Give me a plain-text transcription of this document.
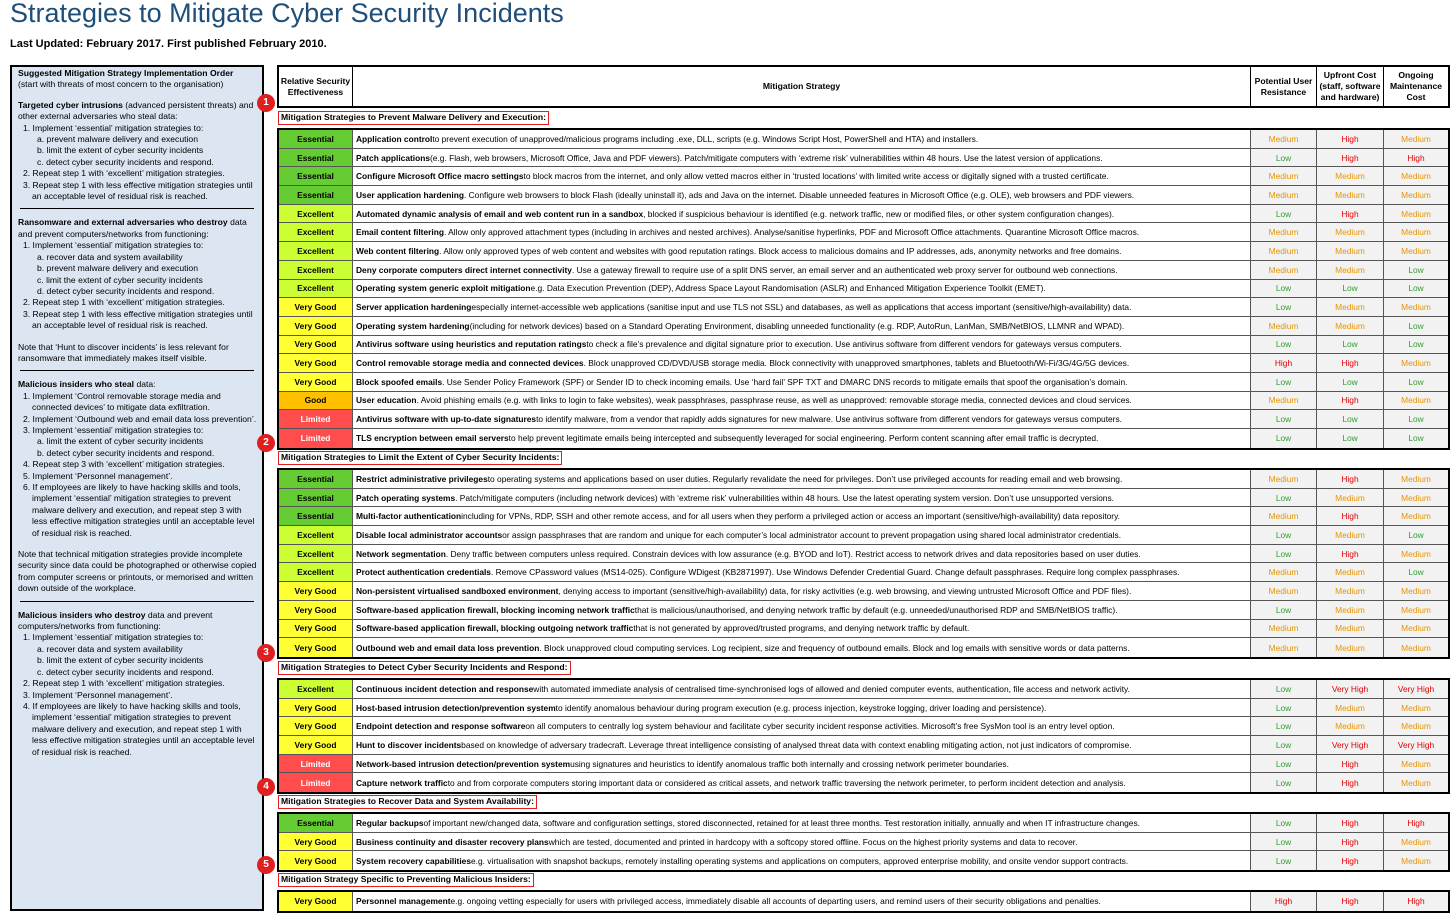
Strategies to Mitigate Cyber Security Incidents
Last Updated: February 2017. First published February 2010.

Suggested Mitigation Strategy Implementation Order

(start with threats of most concern to the organisation)

Targeted cyber intrusions (advanced persistent threats) and other external adversaries who steal data:

1. Implement ‘essential’ mitigation strategies to:

a. prevent malware delivery and execution

b. limit the extent of cyber security incidents

c. detect cyber security incidents and respond.

2. Repeat step 1 with ‘excellent’ mitigation strategies.

3. Repeat step 1 with less effective mitigation strategies until an acceptable level of residual risk is reached.

Ransomware and external adversaries who destroy data and prevent computers/networks from functioning:

1. Implement ‘essential’ mitigation strategies to:

a. recover data and system availability

b. prevent malware delivery and execution

c. limit the extent of cyber security incidents

d. detect cyber security incidents and respond.

2. Repeat step 1 with ‘excellent’ mitigation strategies.

3. Repeat step 1 with less effective mitigation strategies until an acceptable level of residual risk is reached.

Note that ‘Hunt to discover incidents’ is less relevant for ransomware that immediately makes itself visible.

Malicious insiders who steal data:

1. Implement ‘Control removable storage media and connected devices’ to mitigate data exfiltration.

2. Implement ‘Outbound web and email data loss prevention’.

3. Implement ‘essential’ mitigation strategies to:

a. limit the extent of cyber security incidents

b. detect cyber security incidents and respond.

4. Repeat step 3 with ‘excellent’ mitigation strategies.

5. Implement ‘Personnel management’.

6. If employees are likely to have hacking skills and tools, implement ‘essential’ mitigation strategies to prevent malware delivery and execution, and repeat step 3 with less effective mitigation strategies until an acceptable level of residual risk is reached.

Note that technical mitigation strategies provide incomplete security since data could be photographed or otherwise copied from computer screens or printouts, or memorised and written down outside of the workplace.

Malicious insiders who destroy data and prevent computers/networks from functioning:

1. Implement ‘essential’ mitigation strategies to:

a. recover data and system availability

b. limit the extent of cyber security incidents

c. detect cyber security incidents and respond.

2. Repeat step 1 with ‘excellent’ mitigation strategies.

3. Implement ‘Personnel management’.

4. If employees are likely to have hacking skills and tools, implement ‘essential’ mitigation strategies to prevent malware delivery and execution, and repeat step 1 with less effective mitigation strategies until an acceptable level of residual risk is reached.

Relative Security Effectiveness
Mitigation Strategy
Potential User Resistance
Upfront Cost (staff, software and hardware)
Ongoing Maintenance Cost
1
Mitigation Strategies to Prevent Malware Delivery and Execution:
Essential	Application control to prevent execution of unapproved/malicious programs including .exe, DLL, scripts (e.g. Windows Script Host, PowerShell and HTA) and installers.	Medium	High	Medium
Essential	Patch applications (e.g. Flash, web browsers, Microsoft Office, Java and PDF viewers). Patch/mitigate computers with ‘extreme risk’ vulnerabilities within 48 hours. Use the latest version of applications.	Low	High	High
Essential	Configure Microsoft Office macro settings to block macros from the internet, and only allow vetted macros either in ‘trusted locations’ with limited write access or digitally signed with a trusted certificate.	Medium	Medium	Medium
Essential	User application hardening . Configure web browsers to block Flash (ideally uninstall it), ads and Java on the internet. Disable unneeded features in Microsoft Office (e.g. OLE), web browsers and PDF viewers.	Medium	Medium	Medium
Excellent	Automated dynamic analysis of email and web content run in a sandbox , blocked if suspicious behaviour is identified (e.g. network traffic, new or modified files, or other system configuration changes).	Low	High	Medium
Excellent	Email content filtering . Allow only approved attachment types (including in archives and nested archives). Analyse/sanitise hyperlinks, PDF and Microsoft Office attachments. Quarantine Microsoft Office macros.	Medium	Medium	Medium
Excellent	Web content filtering . Allow only approved types of web content and websites with good reputation ratings. Block access to malicious domains and IP addresses, ads, anonymity networks and free domains.	Medium	Medium	Medium
Excellent	Deny corporate computers direct internet connectivity . Use a gateway firewall to require use of a split DNS server, an email server and an authenticated web proxy server for outbound web connections.	Medium	Medium	Low
Excellent	Operating system generic exploit mitigation e.g. Data Execution Prevention (DEP), Address Space Layout Randomisation (ASLR) and Enhanced Mitigation Experience Toolkit (EMET).	Low	Low	Low
Very Good	Server application hardening especially internet-accessible web applications (sanitise input and use TLS not SSL) and databases, as well as applications that access important (sensitive/high-availability) data.	Low	Medium	Medium
Very Good	Operating system hardening (including for network devices) based on a Standard Operating Environment, disabling unneeded functionality (e.g. RDP, AutoRun, LanMan, SMB/NetBIOS, LLMNR and WPAD).	Medium	Medium	Low
Very Good	Antivirus software using heuristics and reputation ratings to check a file’s prevalence and digital signature prior to execution. Use antivirus software from different vendors for gateways versus computers.	Low	Low	Low
Very Good	Control removable storage media and connected devices . Block unapproved CD/DVD/USB storage media. Block connectivity with unapproved smartphones, tablets and Bluetooth/Wi-Fi/3G/4G/5G devices.	High	High	Medium
Very Good	Block spoofed emails . Use Sender Policy Framework (SPF) or Sender ID to check incoming emails. Use ‘hard fail’ SPF TXT and DMARC DNS records to mitigate emails that spoof the organisation’s domain.	Low	Low	Low
Good	User education . Avoid phishing emails (e.g. with links to login to fake websites), weak passphrases, passphrase reuse, as well as unapproved: removable storage media, connected devices and cloud services.	Medium	High	Medium
Limited	Antivirus software with up-to-date signatures to identify malware, from a vendor that rapidly adds signatures for new malware. Use antivirus software from different vendors for gateways versus computers.	Low	Low	Low
Limited	TLS encryption between email servers to help prevent legitimate emails being intercepted and subsequently leveraged for social engineering. Perform content scanning after email traffic is decrypted.	Low	Low	Low
2
Mitigation Strategies to Limit the Extent of Cyber Security Incidents:
Essential	Restrict administrative privileges to operating systems and applications based on user duties. Regularly revalidate the need for privileges. Don’t use privileged accounts for reading email and web browsing.	Medium	High	Medium
Essential	Patch operating systems . Patch/mitigate computers (including network devices) with ‘extreme risk’ vulnerabilities within 48 hours. Use the latest operating system version. Don’t use unsupported versions.	Low	Medium	Medium
Essential	Multi-factor authentication including for VPNs, RDP, SSH and other remote access, and for all users when they perform a privileged action or access an important (sensitive/high-availability) data repository.	Medium	High	Medium
Excellent	Disable local administrator accounts or assign passphrases that are random and unique for each computer’s local administrator account to prevent propagation using shared local administrator credentials.	Low	Medium	Low
Excellent	Network segmentation . Deny traffic between computers unless required. Constrain devices with low assurance (e.g. BYOD and IoT). Restrict access to network drives and data repositories based on user duties.	Low	High	Medium
Excellent	Protect authentication credentials . Remove CPassword values (MS14-025). Configure WDigest (KB2871997). Use Windows Defender Credential Guard. Change default passphrases. Require long complex passphrases.	Medium	Medium	Low
Very Good	Non-persistent virtualised sandboxed environment , denying access to important (sensitive/high-availability) data, for risky activities (e.g. web browsing, and viewing untrusted Microsoft Office and PDF files).	Medium	Medium	Medium
Very Good	Software-based application firewall, blocking incoming network traffic that is malicious/unauthorised, and denying network traffic by default (e.g. unneeded/unauthorised RDP and SMB/NetBIOS traffic).	Low	Medium	Medium
Very Good	Software-based application firewall, blocking outgoing network traffic that is not generated by approved/trusted programs, and denying network traffic by default.	Medium	Medium	Medium
Very Good	Outbound web and email data loss prevention . Block unapproved cloud computing services. Log recipient, size and frequency of outbound emails. Block and log emails with sensitive words or data patterns.	Medium	Medium	Medium
3
Mitigation Strategies to Detect Cyber Security Incidents and Respond:
Excellent	Continuous incident detection and response with automated immediate analysis of centralised time-synchronised logs of allowed and denied computer events, authentication, file access and network activity.	Low	Very High	Very High
Very Good	Host-based intrusion detection/prevention system to identify anomalous behaviour during program execution (e.g. process injection, keystroke logging, driver loading and persistence).	Low	Medium	Medium
Very Good	Endpoint detection and response software on all computers to centrally log system behaviour and facilitate cyber security incident response activities. Microsoft’s free SysMon tool is an entry level option.	Low	Medium	Medium
Very Good	Hunt to discover incidents based on knowledge of adversary tradecraft. Leverage threat intelligence consisting of analysed threat data with context enabling mitigating action, not just indicators of compromise.	Low	Very High	Very High
Limited	Network-based intrusion detection/prevention system using signatures and heuristics to identify anomalous traffic both internally and crossing network perimeter boundaries.	Low	High	Medium
Limited	Capture network traffic to and from corporate computers storing important data or considered as critical assets, and network traffic traversing the network perimeter, to perform incident detection and analysis.	Low	High	Medium
4
Mitigation Strategies to Recover Data and System Availability:
Essential	Regular backups of important new/changed data, software and configuration settings, stored disconnected, retained for at least three months. Test restoration initially, annually and when IT infrastructure changes.	Low	High	High
Very Good	Business continuity and disaster recovery plans which are tested, documented and printed in hardcopy with a softcopy stored offline. Focus on the highest priority systems and data to recover.	Low	High	Medium
Very Good	System recovery capabilities e.g. virtualisation with snapshot backups, remotely installing operating systems and applications on computers, approved enterprise mobility, and onsite vendor support contracts.	Low	High	Medium
5
Mitigation Strategy Specific to Preventing Malicious Insiders:
Very Good	Personnel management e.g. ongoing vetting especially for users with privileged access, immediately disable all accounts of departing users, and remind users of their security obligations and penalties.	High	High	High
